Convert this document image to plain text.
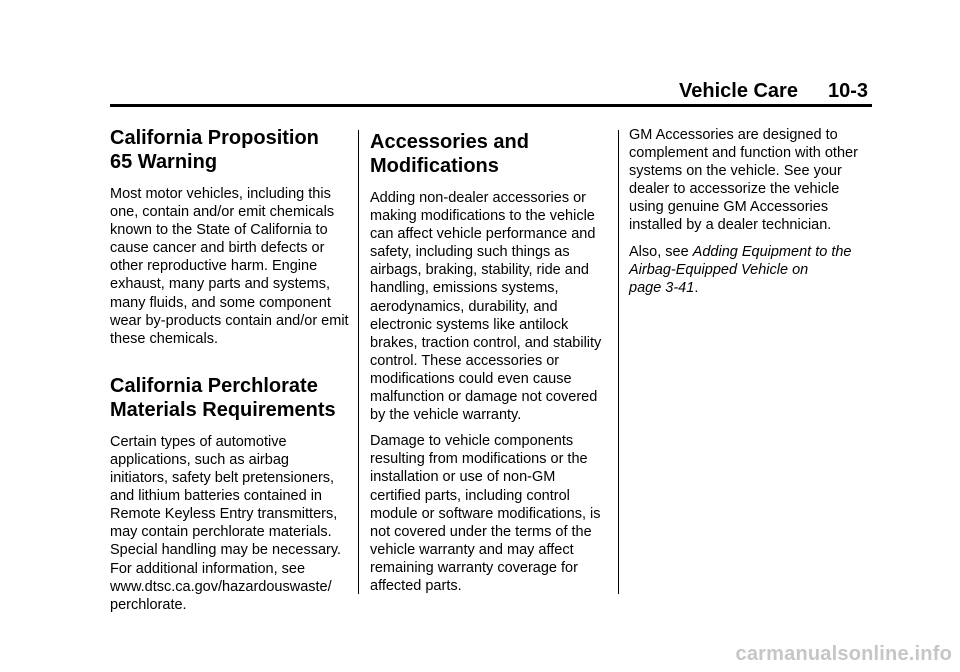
Vehicle Care 10-3
California Proposition
65 Warning

Most motor vehicles, including this one, contain and/or emit chemicals known to the State of California to cause cancer and birth defects or other reproductive harm. Engine exhaust, many parts and systems, many fluids, and some component wear by-products contain and/or emit these chemicals.

California Perchlorate
Materials Requirements

Certain types of automotive applications, such as airbag initiators, safety belt pretensioners, and lithium batteries contained in Remote Keyless Entry transmitters, may contain perchlorate materials. Special handling may be necessary. For additional information, see www.dtsc.ca.gov/hazardouswaste/ perchlorate.

Accessories and
Modifications

Adding non-dealer accessories or making modifications to the vehicle can affect vehicle performance and safety, including such things as airbags, braking, stability, ride and handling, emissions systems, aerodynamics, durability, and electronic systems like antilock brakes, traction control, and stability control. These accessories or modifications could even cause malfunction or damage not covered by the vehicle warranty.

Damage to vehicle components resulting from modifications or the installation or use of non-GM certified parts, including control module or software modifications, is not covered under the terms of the vehicle warranty and may affect remaining warranty coverage for affected parts.

GM Accessories are designed to complement and function with other systems on the vehicle. See your dealer to accessorize the vehicle using genuine GM Accessories installed by a dealer technician.

Also, see Adding Equipment to the
Airbag-Equipped Vehicle on
page 3-41.

carmanualsonline.info
